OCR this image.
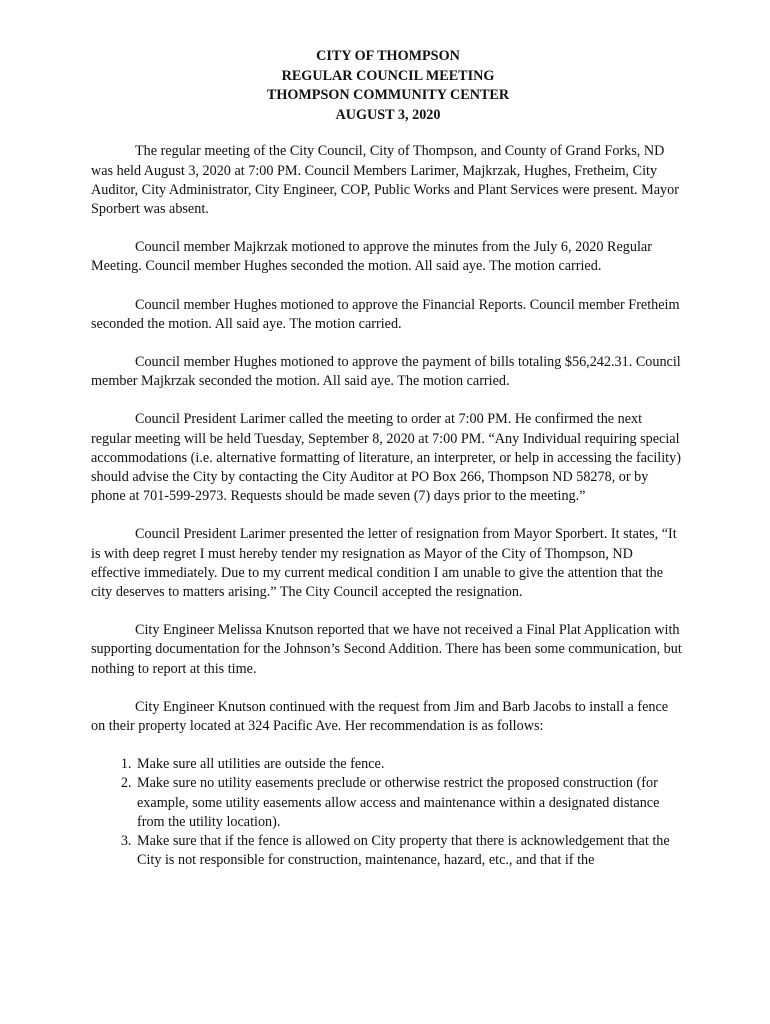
CITY OF THOMPSON
REGULAR COUNCIL MEETING
THOMPSON COMMUNITY CENTER
AUGUST 3, 2020

The regular meeting of the City Council, City of Thompson, and County of Grand Forks, ND was held August 3, 2020 at 7:00 PM. Council Members Larimer, Majkrzak, Hughes, Fretheim, City Auditor, City Administrator, City Engineer, COP, Public Works and Plant Services were present. Mayor Sporbert was absent.

Council member Majkrzak motioned to approve the minutes from the July 6, 2020 Regular Meeting. Council member Hughes seconded the motion. All said aye. The motion carried.

Council member Hughes motioned to approve the Financial Reports. Council member Fretheim seconded the motion. All said aye. The motion carried.

Council member Hughes motioned to approve the payment of bills totaling $56,242.31. Council member Majkrzak seconded the motion. All said aye. The motion carried.

Council President Larimer called the meeting to order at 7:00 PM. He confirmed the next regular meeting will be held Tuesday, September 8, 2020 at 7:00 PM. “Any Individual requiring special accommodations (i.e. alternative formatting of literature, an interpreter, or help in accessing the facility) should advise the City by contacting the City Auditor at PO Box 266, Thompson ND 58278, or by phone at 701-599-2973. Requests should be made seven (7) days prior to the meeting.”

Council President Larimer presented the letter of resignation from Mayor Sporbert. It states, “It is with deep regret I must hereby tender my resignation as Mayor of the City of Thompson, ND effective immediately. Due to my current medical condition I am unable to give the attention that the city deserves to matters arising.” The City Council accepted the resignation.

City Engineer Melissa Knutson reported that we have not received a Final Plat Application with supporting documentation for the Johnson’s Second Addition. There has been some communication, but nothing to report at this time.

City Engineer Knutson continued with the request from Jim and Barb Jacobs to install a fence on their property located at 324 Pacific Ave. Her recommendation is as follows:

1. Make sure all utilities are outside the fence.
2. Make sure no utility easements preclude or otherwise restrict the proposed construction (for example, some utility easements allow access and maintenance within a designated distance from the utility location).
3. Make sure that if the fence is allowed on City property that there is acknowledgement that the City is not responsible for construction, maintenance, hazard, etc., and that if the
